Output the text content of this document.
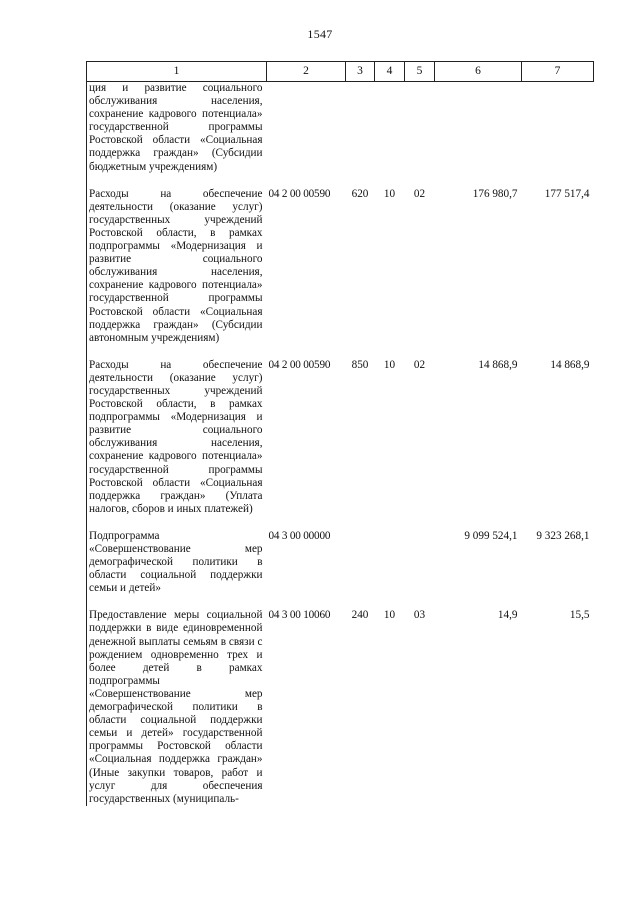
1547
1	2	3	4	5	6	7
ция и развитие социального обслуживания населения, сохранение кадрового потенциала» государственной программы Ростовской области «Социальная поддержка граждан» (Субсидии бюджетным учреждениям)						
Расходы на обеспечение деятельности (оказание услуг) государственных учреждений Ростовской области, в рамках подпрограммы «Модернизация и развитие социального обслуживания населения, сохранение кадрового потенциала» государственной программы Ростовской области «Социальная поддержка граждан» (Субсидии автономным учреждениям)	04 2 00 00590	620	10	02	176 980,7	177 517,4
Расходы на обеспечение деятельности (оказание услуг) государственных учреждений Ростовской области, в рамках подпрограммы «Модернизация и развитие социального обслуживания населения, сохранение кадрового потенциала» государственной программы Ростовской области «Социальная поддержка граждан» (Уплата налогов, сборов и иных платежей)	04 2 00 00590	850	10	02	14 868,9	14 868,9
Подпрограмма «Совершенствование мер демографической политики в области социальной поддержки семьи и детей»	04 3 00 00000				9 099 524,1	9 323 268,1
Предоставление меры социальной поддержки в виде единовременной денежной выплаты семьям в связи с рождением одновременно трех и более детей в рамках подпрограммы «Совершенствование мер демографической политики в области социальной поддержки семьи и детей» государственной программы Ростовской области «Социальная поддержка граждан» (Иные закупки товаров, работ и услуг для обеспечения государственных (муниципаль-	04 3 00 10060	240	10	03	14,9	15,5
